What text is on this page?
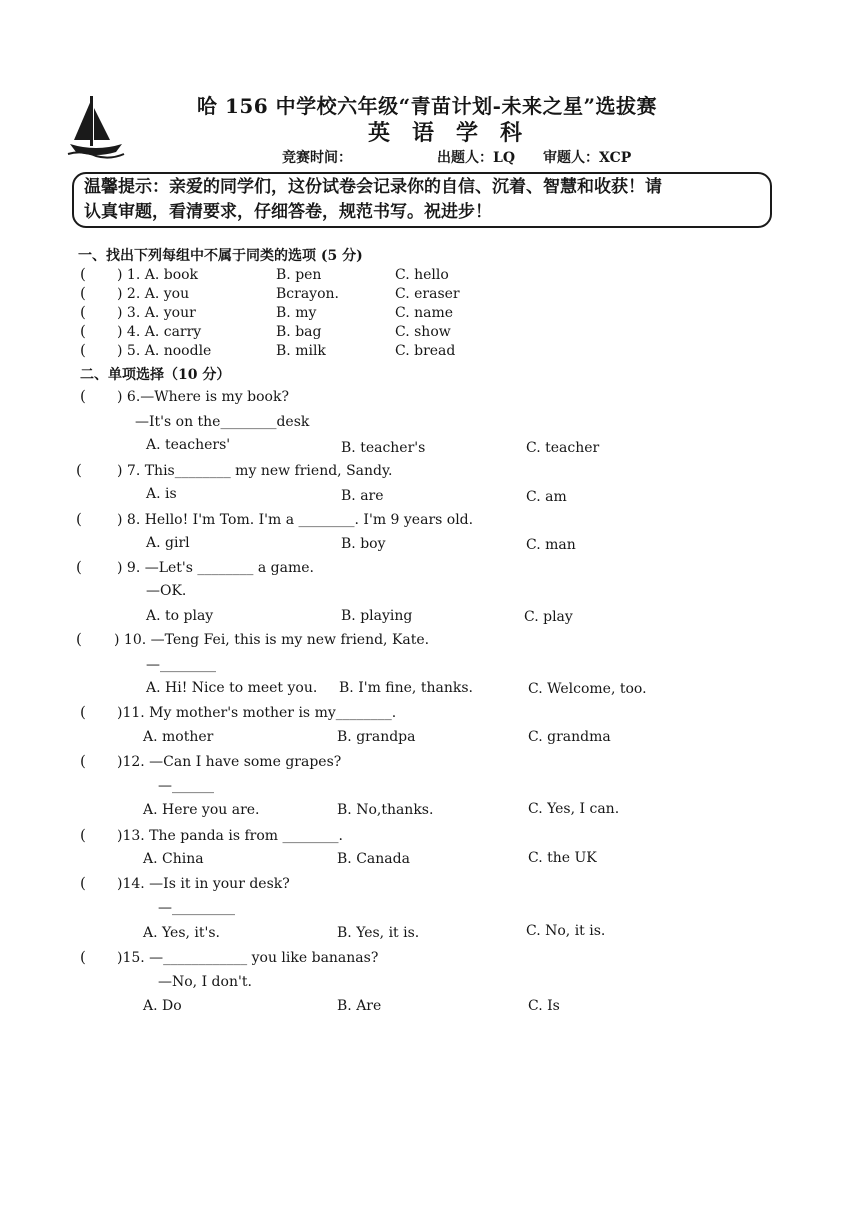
哈 156 中学校六年级“青苗计划-未来之星”选拔赛
英语学科
竞赛时间：	出题人：LQ 审题人：XCP
温馨提示：亲爱的同学们，这份试卷会记录你的自信、沉着、智慧和收获！请
认真审题，看清要求，仔细答卷，规范书写。祝进步！
一、找出下列每组中不属于同类的选项 (5 分)
( ) 1. A. book	B. pen	C. hello
( ) 2. A. you	Bcrayon.	C. eraser
( ) 3. A. your	B. my	C. name
( ) 4. A. carry	B. bag	C. show
( ) 5. A. noodle	B. milk	C. bread
二、单项选择（10 分）
( ) 6.—Where is my book?
—It's on the________desk
A. teachers'	B. teacher's	C. teacher
(	) 7. This________ my new friend, Sandy.
A. is	B. are	C. am
(	) 8. Hello! I'm Tom. I'm a ________. I'm 9 years old.
A. girl	B. boy	C. man
(	) 9. —Let's ________ a game.
—OK.
A. to play	B. playing	C. play
( ) 10. —Teng Fei, this is my new friend, Kate.
—________
A. Hi! Nice to meet you. B. I'm fine, thanks.	C. Welcome, too.
( )11. My mother's mother is my________.
A. mother	B. grandpa	C. grandma
( )12. —Can I have some grapes?
—______
A. Here you are.	B. No,thanks.	C. Yes, I can.
( )13. The panda is from ________.
A. China	B. Canada	C. the UK
( )14. —Is it in your desk?
—_________
A. Yes, it's.	B. Yes, it is.	C. No, it is.
( )15. —____________ you like bananas?
—No, I don't.
A. Do	B. Are	C. Is
